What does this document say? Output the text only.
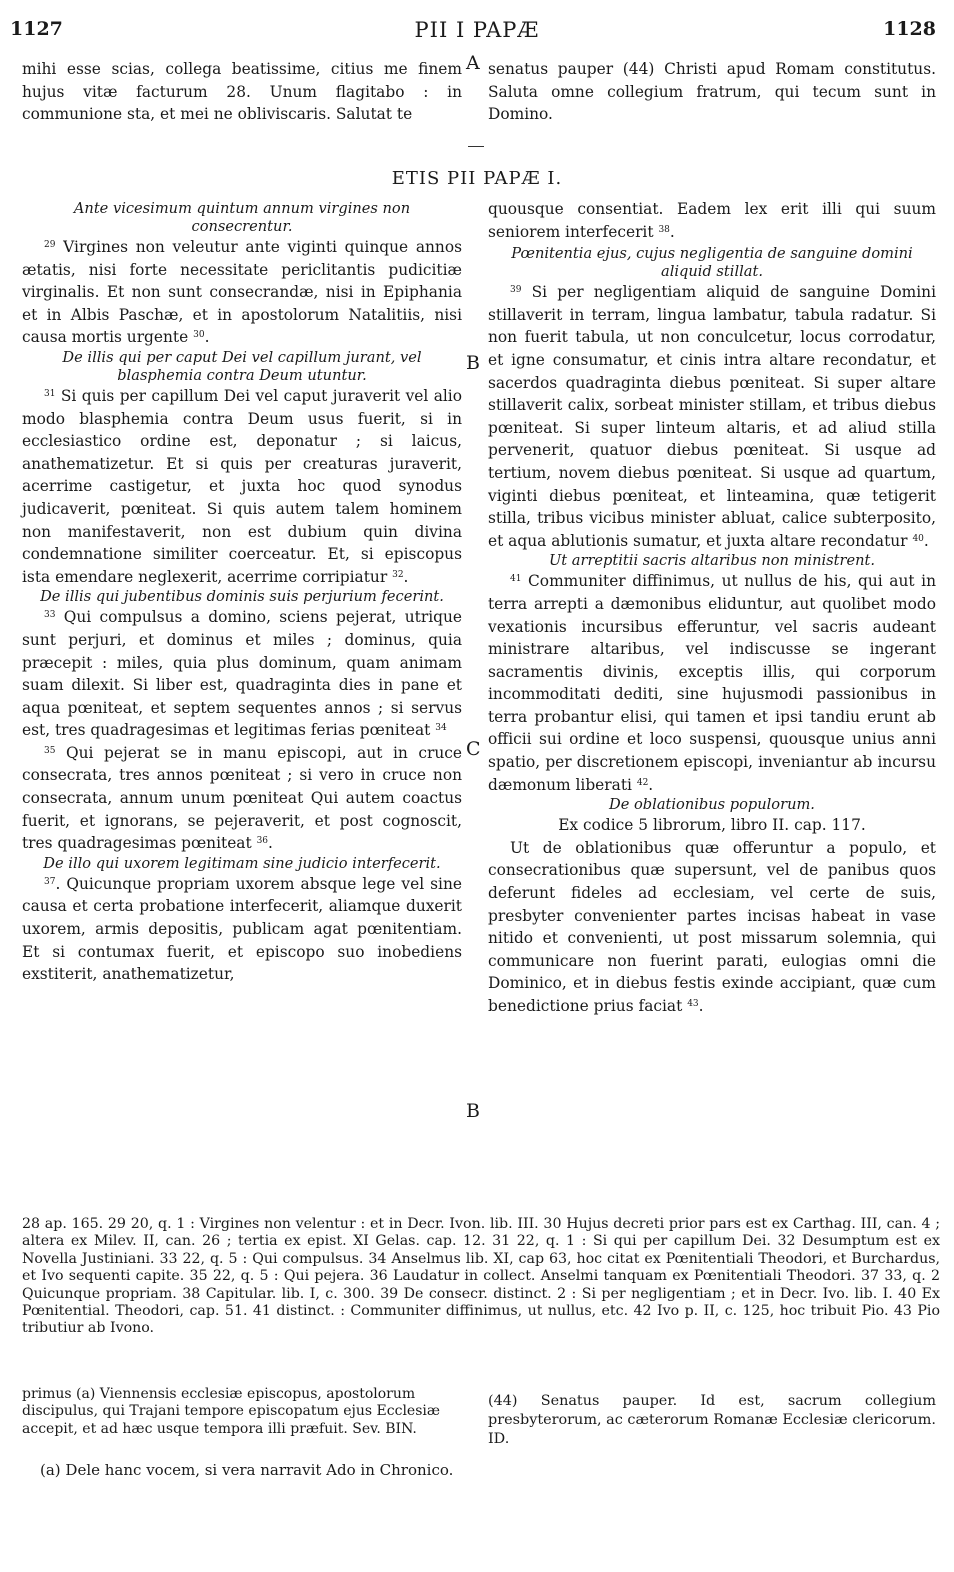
1127	PII I PAPÆ	1128

mihi esse scias, collega beatissime, citius me finem hujus vitæ facturum 28. Unum flagitabo : in communione sta, et mei ne obliviscaris. Salutat te

senatus pauper (44) Christi apud Romam constitutus. Saluta omne collegium fratrum, qui tecum sunt in Domino.

A
B
C
B
ETIS PII PAPÆ I.

Ante vicesimum quintum annum virgines non consecrentur.

$^{29}$ Virgines non veleutur ante viginti quinque annos ætatis, nisi forte necessitate periclitantis pudicitiæ virginalis. Et non sunt consecrandæ, nisi in Epiphania et in Albis Paschæ, et in apostolorum Natalitiis, nisi causa mortis urgente $^{30}$.

De illis qui per caput Dei vel capillum jurant, vel blasphemia contra Deum utuntur.

$^{31}$ Si quis per capillum Dei vel caput juraverit vel alio modo blasphemia contra Deum usus fuerit, si in ecclesiastico ordine est, deponatur ; si laicus, anathematizetur. Et si quis per creaturas juraverit, acerrime castigetur, et juxta hoc quod synodus judicaverit, pœniteat. Si quis autem talem hominem non manifestaverit, non est dubium quin divina condemnatione similiter coerceatur. Et, si episcopus ista emendare neglexerit, acerrime corripiatur $^{32}$.

De illis qui jubentibus dominis suis perjurium fecerint.

$^{33}$ Qui compulsus a domino, sciens pejerat, utrique sunt perjuri, et dominus et miles ; dominus, quia præcepit : miles, quia plus dominum, quam animam suam dilexit. Si liber est, quadraginta dies in pane et aqua pœniteat, et septem sequentes annos ; si servus est, tres quadragesimas et legitimas ferias pœniteat $^{34}$

$^{35}$ Qui pejerat se in manu episcopi, aut in cruce consecrata, tres annos pœniteat ; si vero in cruce non consecrata, annum unum pœniteat Qui autem coactus fuerit, et ignorans, se pejeraverit, et post cognoscit, tres quadragesimas pœniteat $^{36}$.

De illo qui uxorem legitimam sine judicio interfecerit.

$^{37}$. Quicunque propriam uxorem absque lege vel sine causa et certa probatione interfecerit, aliamque duxerit uxorem, armis depositis, publicam agat pœnitentiam. Et si contumax fuerit, et episcopo suo inobediens exstiterit, anathematizetur,

quousque consentiat. Eadem lex erit illi qui suum seniorem interfecerit $^{38}$.

Pœnitentia ejus, cujus negligentia de sanguine domini aliquid stillat.

$^{39}$ Si per negligentiam aliquid de sanguine Domini stillaverit in terram, lingua lambatur, tabula radatur. Si non fuerit tabula, ut non conculcetur, locus corrodatur, et igne consumatur, et cinis intra altare recondatur, et sacerdos quadraginta diebus pœniteat. Si super altare stillaverit calix, sorbeat minister stillam, et tribus diebus pœniteat. Si super linteum altaris, et ad aliud stilla pervenerit, quatuor diebus pœniteat. Si usque ad tertium, novem diebus pœniteat. Si usque ad quartum, viginti diebus pœniteat, et linteamina, quæ tetigerit stilla, tribus vicibus minister abluat, calice subterposito, et aqua ablutionis sumatur, et juxta altare recondatur $^{40}$.

Ut arreptitii sacris altaribus non ministrent.

$^{41}$ Communiter diffinimus, ut nullus de his, qui aut in terra arrepti a dæmonibus eliduntur, aut quolibet modo vexationis incursibus efferuntur, vel sacris audeant ministrare altaribus, vel indiscusse se ingerant sacramentis divinis, exceptis illis, qui corporum incommoditati dediti, sine hujusmodi passionibus in terra probantur elisi, qui tamen et ipsi tandiu erunt ab officii sui ordine et loco suspensi, quousque unius anni spatio, per discretionem episcopi, inveniantur ab incursu dæmonum liberati $^{42}$.

De oblationibus populorum.

Ex codice 5 librorum, libro II. cap. 117.

Ut de oblationibus quæ offeruntur a populo, et consecrationibus quæ supersunt, vel de panibus quos deferunt fideles ad ecclesiam, vel certe de suis, presbyter convenienter partes incisas habeat in vase nitido et convenienti, ut post missarum solemnia, qui communicare non fuerint parati, eulogias omni die Dominico, et in diebus festis exinde accipiant, quæ cum benedictione prius faciat $^{43}$.

28 ap. 165. 29 20, q. 1 : Virgines non velentur : et in Decr. Ivon. lib. III. 30 Hujus decreti prior pars est ex Carthag. III, can. 4 ; altera ex Milev. II, can. 26 ; tertia ex epist. XI Gelas. cap. 12. 31 22, q. 1 : Si qui per capillum Dei. 32 Desumptum est ex Novella Justiniani. 33 22, q. 5 : Qui compulsus. 34 Anselmus lib. XI, cap 63, hoc citat ex Pœnitentiali Theodori, et Burchardus, et Ivo sequenti capite. 35 22, q. 5 : Qui pejera. 36 Laudatur in collect. Anselmi tanquam ex Pœnitentiali Theodori. 37 33, q. 2 Quicunque propriam. 38 Capitular. lib. I, c. 300. 39 De consecr. distinct. 2 : Si per negligentiam ; et in Decr. Ivo. lib. I. 40 Ex Pœnitential. Theodori, cap. 51. 41 distinct. : Communiter diffinimus, ut nullus, etc. 42 Ivo p. II, c. 125, hoc tribuit Pio. 43 Pio tributiur ab Ivono.

primus (a) Viennensis ecclesiæ episcopus, apostolorum discipulus, qui Trajani tempore episcopatum ejus Ecclesiæ accepit, et ad hæc usque tempora illi præfuit. Sev. BIN.

(44) Senatus pauper. Id est, sacrum collegium presbyterorum, ac cæterorum Romanæ Ecclesiæ clericorum. ID.

(a) Dele hanc vocem, si vera narravit Ado in Chronico.
